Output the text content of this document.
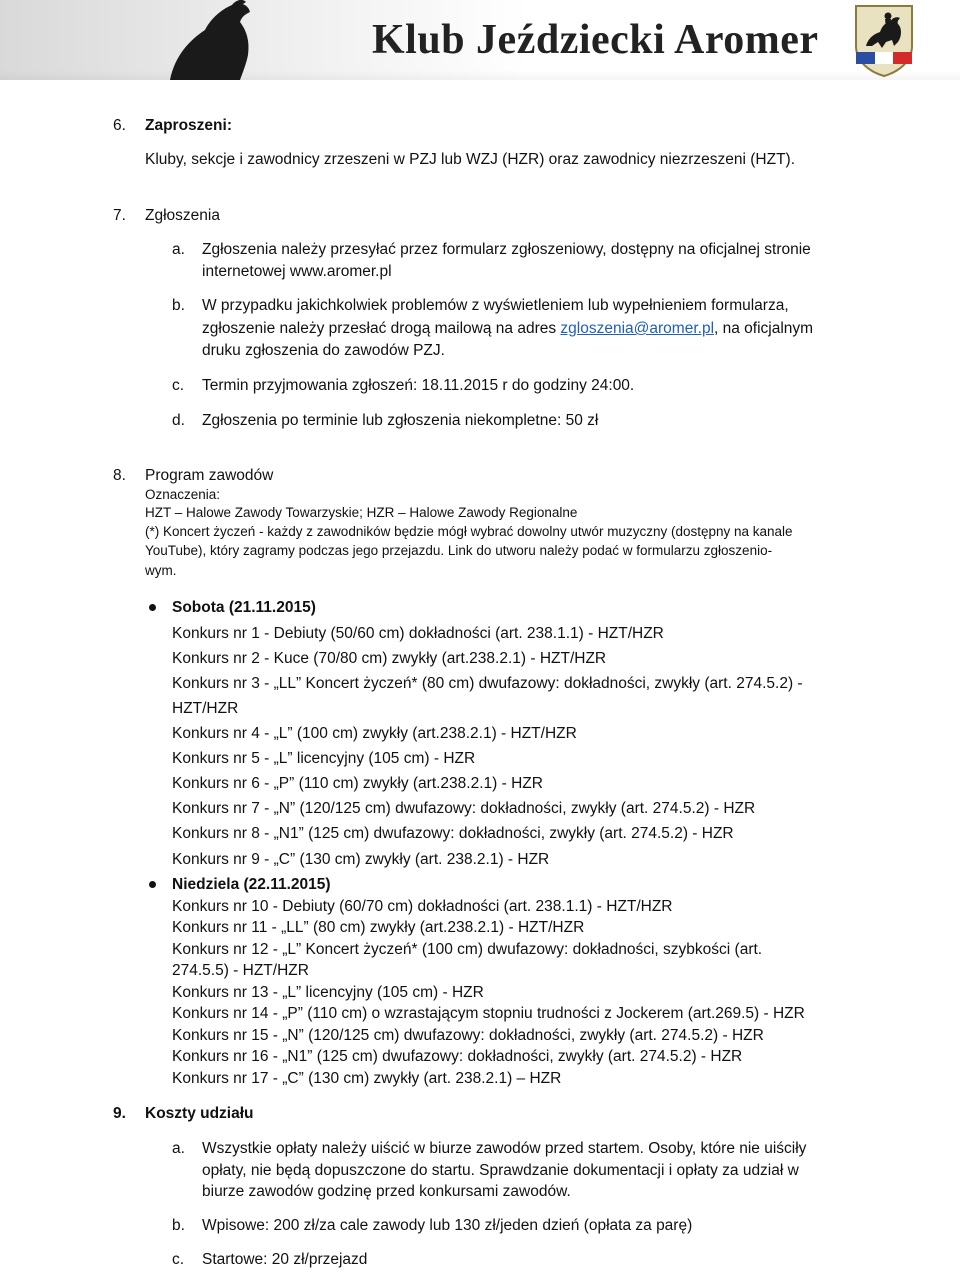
Klub Jeździecki Aromer
6. Zaproszeni:
Kluby, sekcje i zawodnicy zrzeszeni w PZJ lub WZJ (HZR) oraz zawodnicy niezrzeszeni (HZT).
7. Zgłoszenia
a. Zgłoszenia należy przesyłać przez formularz zgłoszeniowy, dostępny na oficjalnej stronie
internetowej www.aromer.pl
b. W przypadku jakichkolwiek problemów z wyświetleniem lub wypełnieniem formularza,
zgłoszenie należy przesłać drogą mailową na adres zgloszenia@aromer.pl, na oficjalnym
druku zgłoszenia do zawodów PZJ.
c. Termin przyjmowania zgłoszeń: 18.11.2015 r do godziny 24:00.
d. Zgłoszenia po terminie lub zgłoszenia niekompletne: 50 zł
8. Program zawodów
Oznaczenia:
HZT – Halowe Zawody Towarzyskie; HZR – Halowe Zawody Regionalne
(*) Koncert życzeń - każdy z zawodników będzie mógł wybrać dowolny utwór muzyczny (dostępny na kanale
YouTube), który zagramy podczas jego przejazdu. Link do utworu należy podać w formularzu zgłoszenio-
wym.
Sobota (21.11.2015)
Konkurs nr 1 - Debiuty (50/60 cm) dokładności (art. 238.1.1) - HZT/HZR
Konkurs nr 2 - Kuce (70/80 cm) zwykły (art.238.2.1) - HZT/HZR
Konkurs nr 3 - „LL” Koncert życzeń* (80 cm) dwufazowy: dokładności, zwykły (art. 274.5.2) -
HZT/HZR
Konkurs nr 4 - „L” (100 cm) zwykły (art.238.2.1) - HZT/HZR
Konkurs nr 5 - „L” licencyjny (105 cm) - HZR
Konkurs nr 6 - „P” (110 cm) zwykły (art.238.2.1) - HZR
Konkurs nr 7 - „N” (120/125 cm) dwufazowy: dokładności, zwykły (art. 274.5.2) - HZR
Konkurs nr 8 - „N1” (125 cm) dwufazowy: dokładności, zwykły (art. 274.5.2) - HZR
Konkurs nr 9 - „C” (130 cm) zwykły (art. 238.2.1) - HZR
Niedziela (22.11.2015)
Konkurs nr 10 - Debiuty (60/70 cm) dokładności (art. 238.1.1) - HZT/HZR
Konkurs nr 11 - „LL” (80 cm) zwykły (art.238.2.1) - HZT/HZR
Konkurs nr 12 - „L” Koncert życzeń* (100 cm) dwufazowy: dokładności, szybkości (art.
274.5.5) - HZT/HZR
Konkurs nr 13 - „L” licencyjny (105 cm) - HZR
Konkurs nr 14 - „P” (110 cm) o wzrastającym stopniu trudności z Jockerem (art.269.5) - HZR
Konkurs nr 15 - „N” (120/125 cm) dwufazowy: dokładności, zwykły (art. 274.5.2) - HZR
Konkurs nr 16 - „N1” (125 cm) dwufazowy: dokładności, zwykły (art. 274.5.2) - HZR
Konkurs nr 17 - „C” (130 cm) zwykły (art. 238.2.1) – HZR
9. Koszty udziału
a. Wszystkie opłaty należy uiścić w biurze zawodów przed startem. Osoby, które nie uiściły
opłaty, nie będą dopuszczone do startu. Sprawdzanie dokumentacji i opłaty za udział w
biurze zawodów godzinę przed konkursami zawodów.
b. Wpisowe: 200 zł/za cale zawody lub 130 zł/jeden dzień (opłata za parę)
c. Startowe: 20 zł/przejazd
